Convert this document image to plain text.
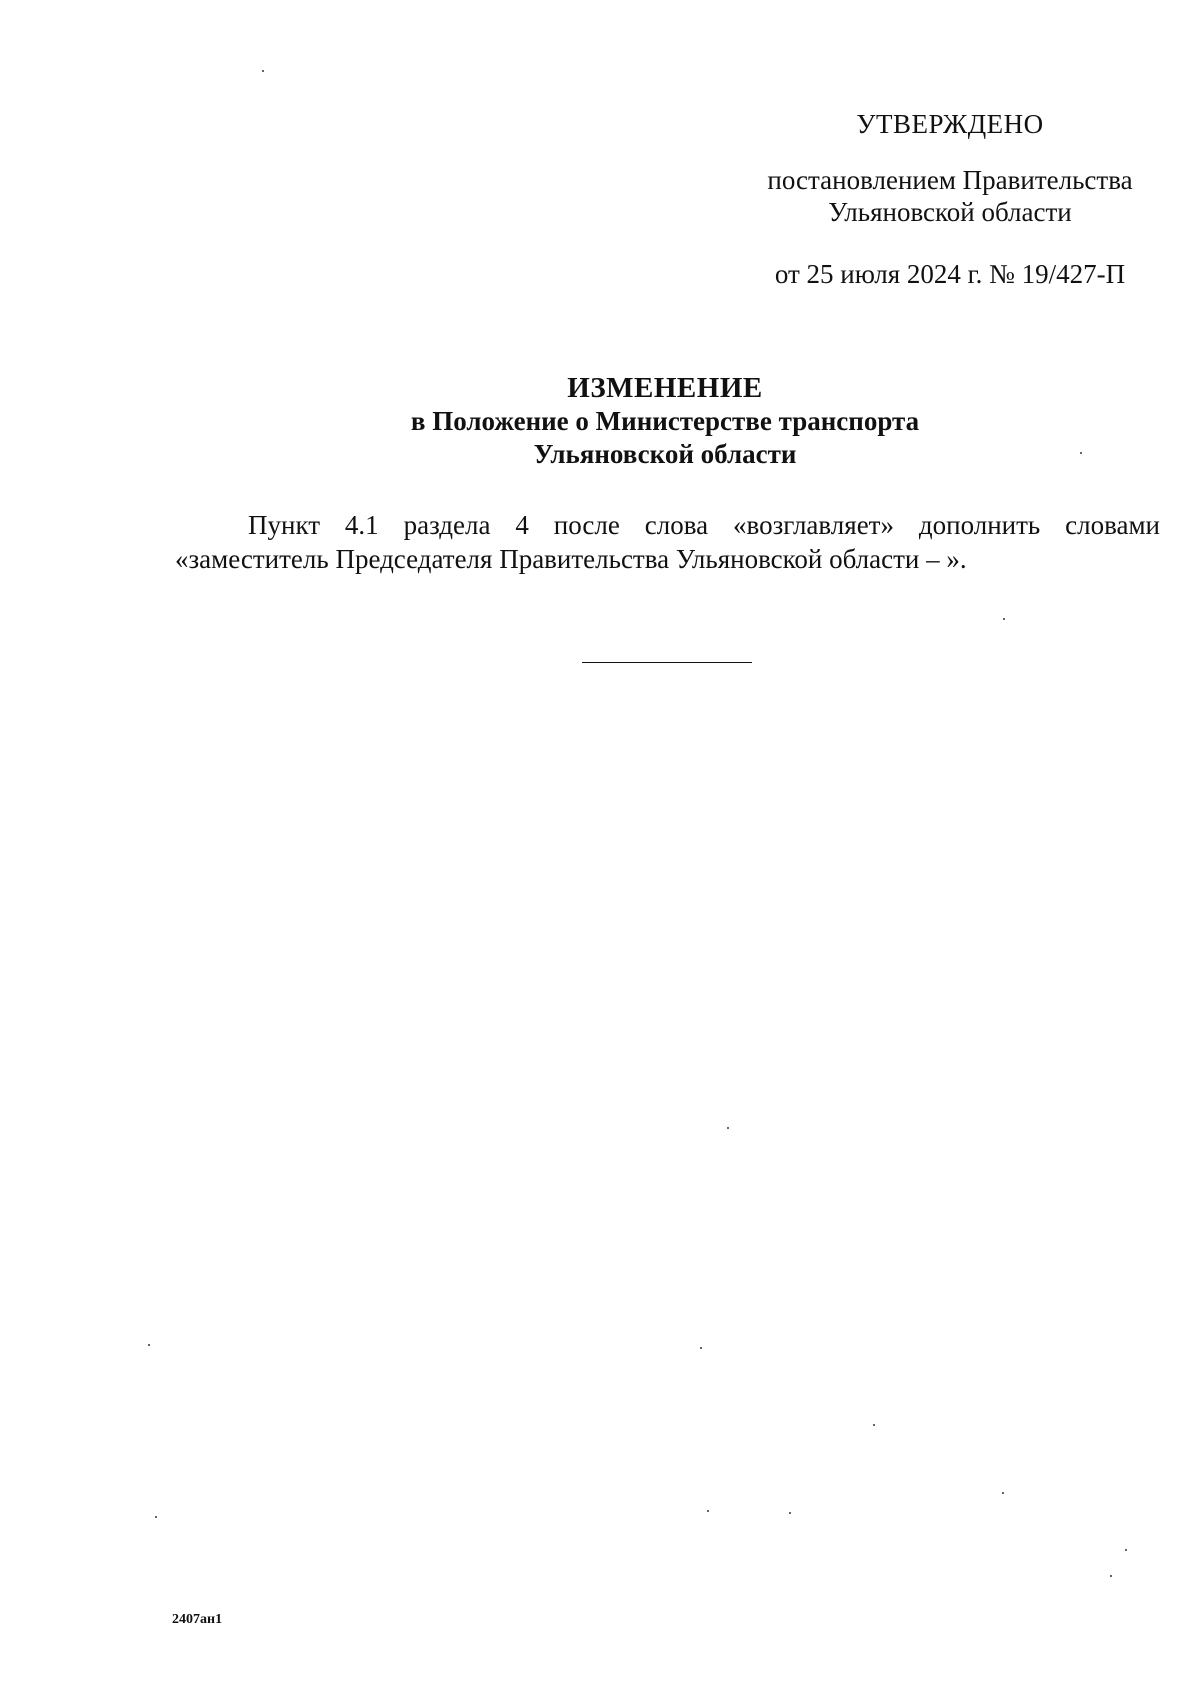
УТВЕРЖДЕНО
постановлением Правительства
Ульяновской области
от 25 июля 2024 г. № 19/427-П
ИЗМЕНЕНИЕ
в Положение о Министерстве транспорта
Ульяновской области

Пункт 4.1 раздела 4 после слова «возглавляет» дополнить словами «заместитель Председателя Правительства Ульяновской области – ».

2407ан1
